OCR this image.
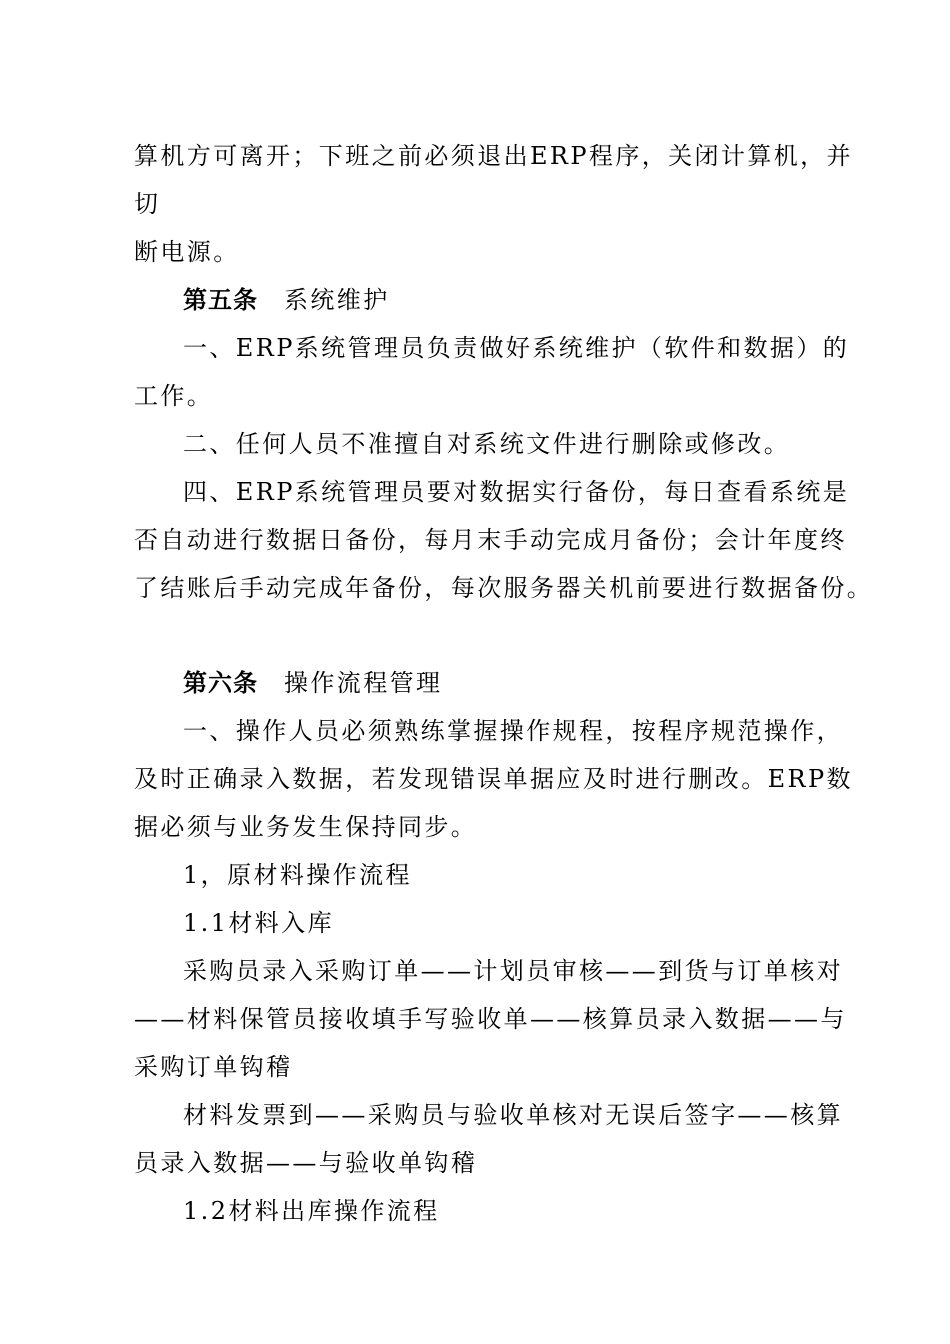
算机方可离开；下班之前必须退出ERP程序，关闭计算机，并
切
断电源。
第五条 系统维护
一、ERP系统管理员负责做好系统维护（软件和数据）的
工作。
二、任何人员不准擅自对系统文件进行删除或修改。
四、ERP系统管理员要对数据实行备份，每日查看系统是
否自动进行数据日备份，每月末手动完成月备份；会计年度终
了结账后手动完成年备份，每次服务器关机前要进行数据备份。
第六条 操作流程管理
一、操作人员必须熟练掌握操作规程，按程序规范操作，
及时正确录入数据，若发现错误单据应及时进行删改。ERP数
据必须与业务发生保持同步。
1，原材料操作流程
1.1材料入库
采购员录入采购订单——计划员审核——到货与订单核对
——材料保管员接收填手写验收单——核算员录入数据——与
采购订单钩稽
材料发票到——采购员与验收单核对无误后签字——核算
员录入数据——与验收单钩稽
1.2材料出库操作流程
